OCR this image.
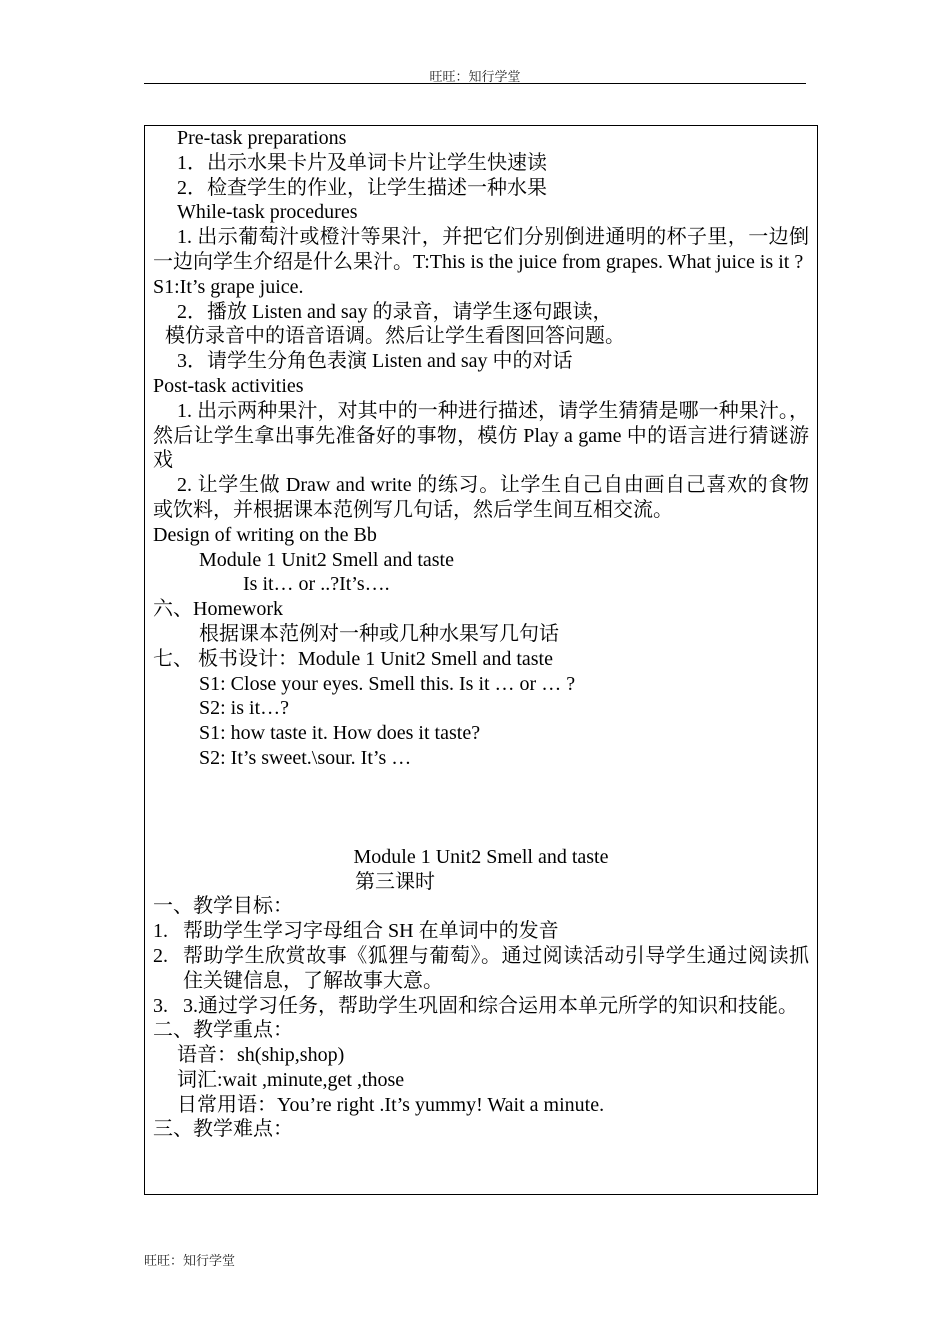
旺旺：知行学堂

Pre-task preparations

1．出示水果卡片及单词卡片让学生快速读

2．检查学生的作业，让学生描述一种水果

While-task procedures

1. 出示葡萄汁或橙汁等果汁，并把它们分别倒进通明的杯子里，一边倒一边向学生介绍是什么果汁。T:This is the juice from grapes. What juice is it ?

S1:It’s grape juice.

2．播放 Listen and say 的录音，请学生逐句跟读，

模仿录音中的语音语调。然后让学生看图回答问题。

3．请学生分角色表演 Listen and say 中的对话

Post-task activities

1. 出示两种果汁，对其中的一种进行描述，请学生猜猜是哪一种果汁。，然后让学生拿出事先准备好的事物，模仿 Play a game 中的语言进行猜谜游戏

2. 让学生做 Draw and write 的练习。让学生自己自由画自己喜欢的食物或饮料，并根据课本范例写几句话，然后学生间互相交流。

Design of writing on the Bb

Module 1 Unit2 Smell and taste

Is it… or ..?It’s….

六、Homework

根据课本范例对一种或几种水果写几句话

七、 板书设计：Module 1 Unit2 Smell and taste

S1: Close your eyes. Smell this. Is it … or … ?

S2: is it…?

S1: how taste it. How does it taste?

S2: It’s sweet.\sour. It’s …

Module 1 Unit2 Smell and taste

第三课时

一、教学目标：

1. 帮助学生学习字母组合 SH 在单词中的发音
2. 帮助学生欣赏故事《狐狸与葡萄》。通过阅读活动引导学生通过阅读抓住关键信息，了解故事大意。
3. 3.通过学习任务，帮助学生巩固和综合运用本单元所学的知识和技能。

二、教学重点：

语音：sh(ship,shop)

词汇:wait ,minute,get ,those

日常用语：You’re right .It’s yummy! Wait a minute.

三、教学难点：

旺旺：知行学堂
